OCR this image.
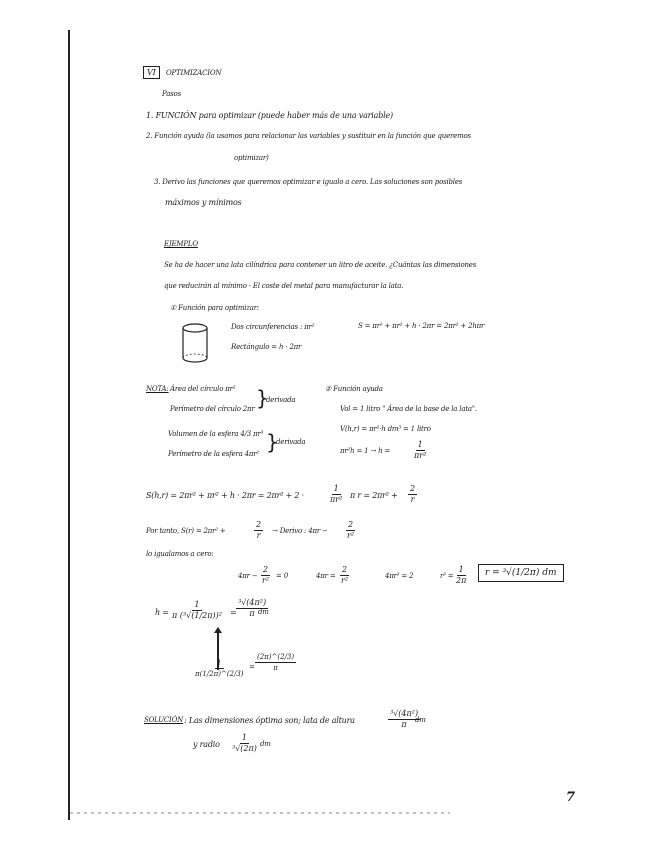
VI	OPTIMIZACION
Pasos
1. FUNCIÓN para optimizar (puede haber más de una variable)
2. Función ayuda (la usamos para relacionar las variables y sustituir en la función que queremos
optimizar)
3. Derivo las funciones que queremos optimizar e igualo a cero. Las soluciones son posibles
máximos y mínimos
EJEMPLO
Se ha de hacer una lata cilíndrica para contener un litro de aceite. ¿Cuántas las dimensiones
que reducirán al mínimo · El coste del metal para manufacturar la lata.
① Función para optimizar:
Dos circunferencias : πr²
Rectángulo = h · 2πr
S = πr² + πr² + h · 2πr = 2πr² + 2hπr
NOTA: Área del círculo πr²
Perímetro del círculo 2πr }
derivada
Volumen de la esfera 4/3 πr³
Perímetro de la esfera 4πr² }
derivada
② Función ayuda
Vol = 1 litro " Área de la base de la lata".
V(h,r) = πr²·h dm³ = 1 litro
πr²h = 1 → h =	$\frac{1}{\text{πr²}}$
S(h,r) = 2πr² + πr² + h · 2πr = 2πr² + 2 ·	$\frac{1}{\text{πr²}}$ π $r = 2\pi r^2 + \frac{2}{r}$
Por tanto, S(r) = 2πr² +	$\frac{2}{r}$ → Derivo : $4\pi r - \frac{2}{\text{r²}}$
lo igualamos a cero:
$4\pi r - \frac{2}{\text{r²}} = 0$	$4\pi r = \frac{2}{\text{r²}}$	4πr³ = 2	$r^3 = \frac{1}{2\pi}$	r = ³√(1/2π) dm
$h = \frac{1}{\text{π (³√(1/2π))²}} = \frac{\text{³√(4π²)}}{\pi}$
dm
$\frac{1}{\pi(1/2\pi)\^{}(2/3)} = \frac{(2\pi)\^{}(2/3)}{\pi}$
SOLUCIÓN : Las dimensiones óptima son; lata de altura	$\frac{\text{³√(4π²)}}{\pi}$
dm
y radio $\frac{1}{\text{³√(2π)}}$ dm
7
